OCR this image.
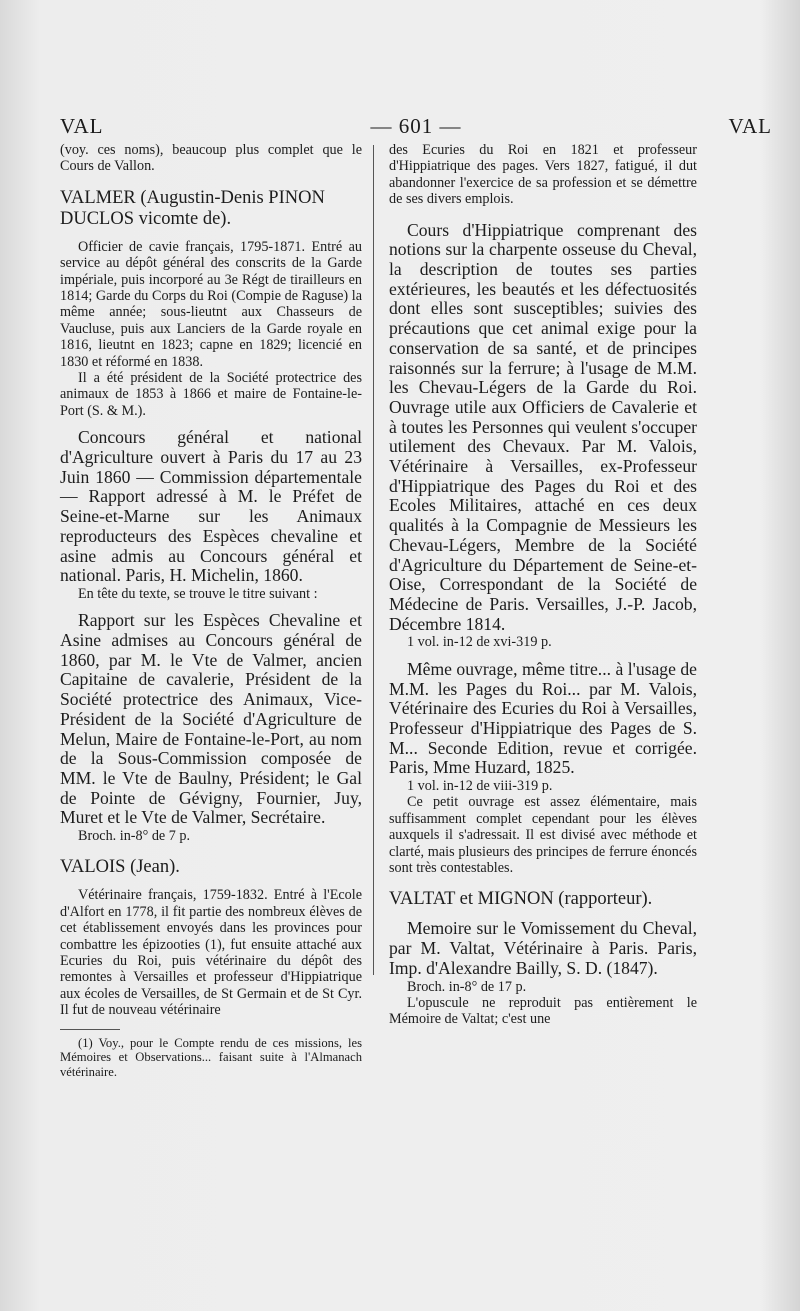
VAL	— 601 —	VAL

(voy. ces noms), beaucoup plus complet que le Cours de Vallon.

VALMER (Augustin-Denis PINON DUCLOS vicomte de).

Officier de cavie français, 1795-1871. Entré au service au dépôt général des conscrits de la Garde impériale, puis incorporé au 3e Régt de tirailleurs en 1814; Garde du Corps du Roi (Compie de Raguse) la même année; sous-lieutnt aux Chasseurs de Vaucluse, puis aux Lanciers de la Garde royale en 1816, lieutnt en 1823; capne en 1829; licencié en 1830 et réformé en 1838.

Il a été président de la Société protectrice des animaux de 1853 à 1866 et maire de Fontaine-le-Port (S. & M.).

Concours général et national d'Agriculture ouvert à Paris du 17 au 23 Juin 1860 — Commission départementale — Rapport adressé à M. le Préfet de Seine-et-Marne sur les Animaux reproducteurs des Espèces chevaline et asine admis au Concours général et national. Paris, H. Michelin, 1860.

En tête du texte, se trouve le titre suivant :

Rapport sur les Espèces Chevaline et Asine admises au Concours général de 1860, par M. le Vte de Valmer, ancien Capitaine de cavalerie, Président de la Société protectrice des Animaux, Vice-Président de la Société d'Agriculture de Melun, Maire de Fontaine-le-Port, au nom de la Sous-Commission composée de MM. le Vte de Baulny, Président; le Gal de Pointe de Gévigny, Fournier, Juy, Muret et le Vte de Valmer, Secrétaire.

Broch. in-8° de 7 p.

VALOIS (Jean).

Vétérinaire français, 1759-1832. Entré à l'Ecole d'Alfort en 1778, il fit partie des nombreux élèves de cet établissement envoyés dans les provinces pour combattre les épizooties (1), fut ensuite attaché aux Ecuries du Roi, puis vétérinaire du dépôt des remontes à Versailles et professeur d'Hippiatrique aux écoles de Versailles, de St Germain et de St Cyr. Il fut de nouveau vétérinaire

(1) Voy., pour le Compte rendu de ces missions, les Mémoires et Observations... faisant suite à l'Almanach vétérinaire.

des Ecuries du Roi en 1821 et professeur d'Hippiatrique des pages. Vers 1827, fatigué, il dut abandonner l'exercice de sa profession et se démettre de ses divers emplois.

Cours d'Hippiatrique comprenant des notions sur la charpente osseuse du Cheval, la description de toutes ses parties extérieures, les beautés et les défectuosités dont elles sont susceptibles; suivies des précautions que cet animal exige pour la conservation de sa santé, et de principes raisonnés sur la ferrure; à l'usage de M.M. les Chevau-Légers de la Garde du Roi. Ouvrage utile aux Officiers de Cavalerie et à toutes les Personnes qui veulent s'occuper utilement des Chevaux. Par M. Valois, Vétérinaire à Versailles, ex-Professeur d'Hippiatrique des Pages du Roi et des Ecoles Militaires, attaché en ces deux qualités à la Compagnie de Messieurs les Chevau-Légers, Membre de la Société d'Agriculture du Département de Seine-et-Oise, Correspondant de la Société de Médecine de Paris. Versailles, J.-P. Jacob, Décembre 1814.

1 vol. in-12 de xvi-319 p.

Même ouvrage, même titre... à l'usage de M.M. les Pages du Roi... par M. Valois, Vétérinaire des Ecuries du Roi à Versailles, Professeur d'Hippiatrique des Pages de S. M... Seconde Edition, revue et corrigée. Paris, Mme Huzard, 1825.

1 vol. in-12 de viii-319 p.

Ce petit ouvrage est assez élémentaire, mais suffisamment complet cependant pour les élèves auxquels il s'adressait. Il est divisé avec méthode et clarté, mais plusieurs des principes de ferrure énoncés sont très contestables.

VALTAT et MIGNON (rapporteur).

Memoire sur le Vomissement du Cheval, par M. Valtat, Vétérinaire à Paris. Paris, Imp. d'Alexandre Bailly, S. D. (1847).

Broch. in-8° de 17 p.

L'opuscule ne reproduit pas entièrement le Mémoire de Valtat; c'est une
